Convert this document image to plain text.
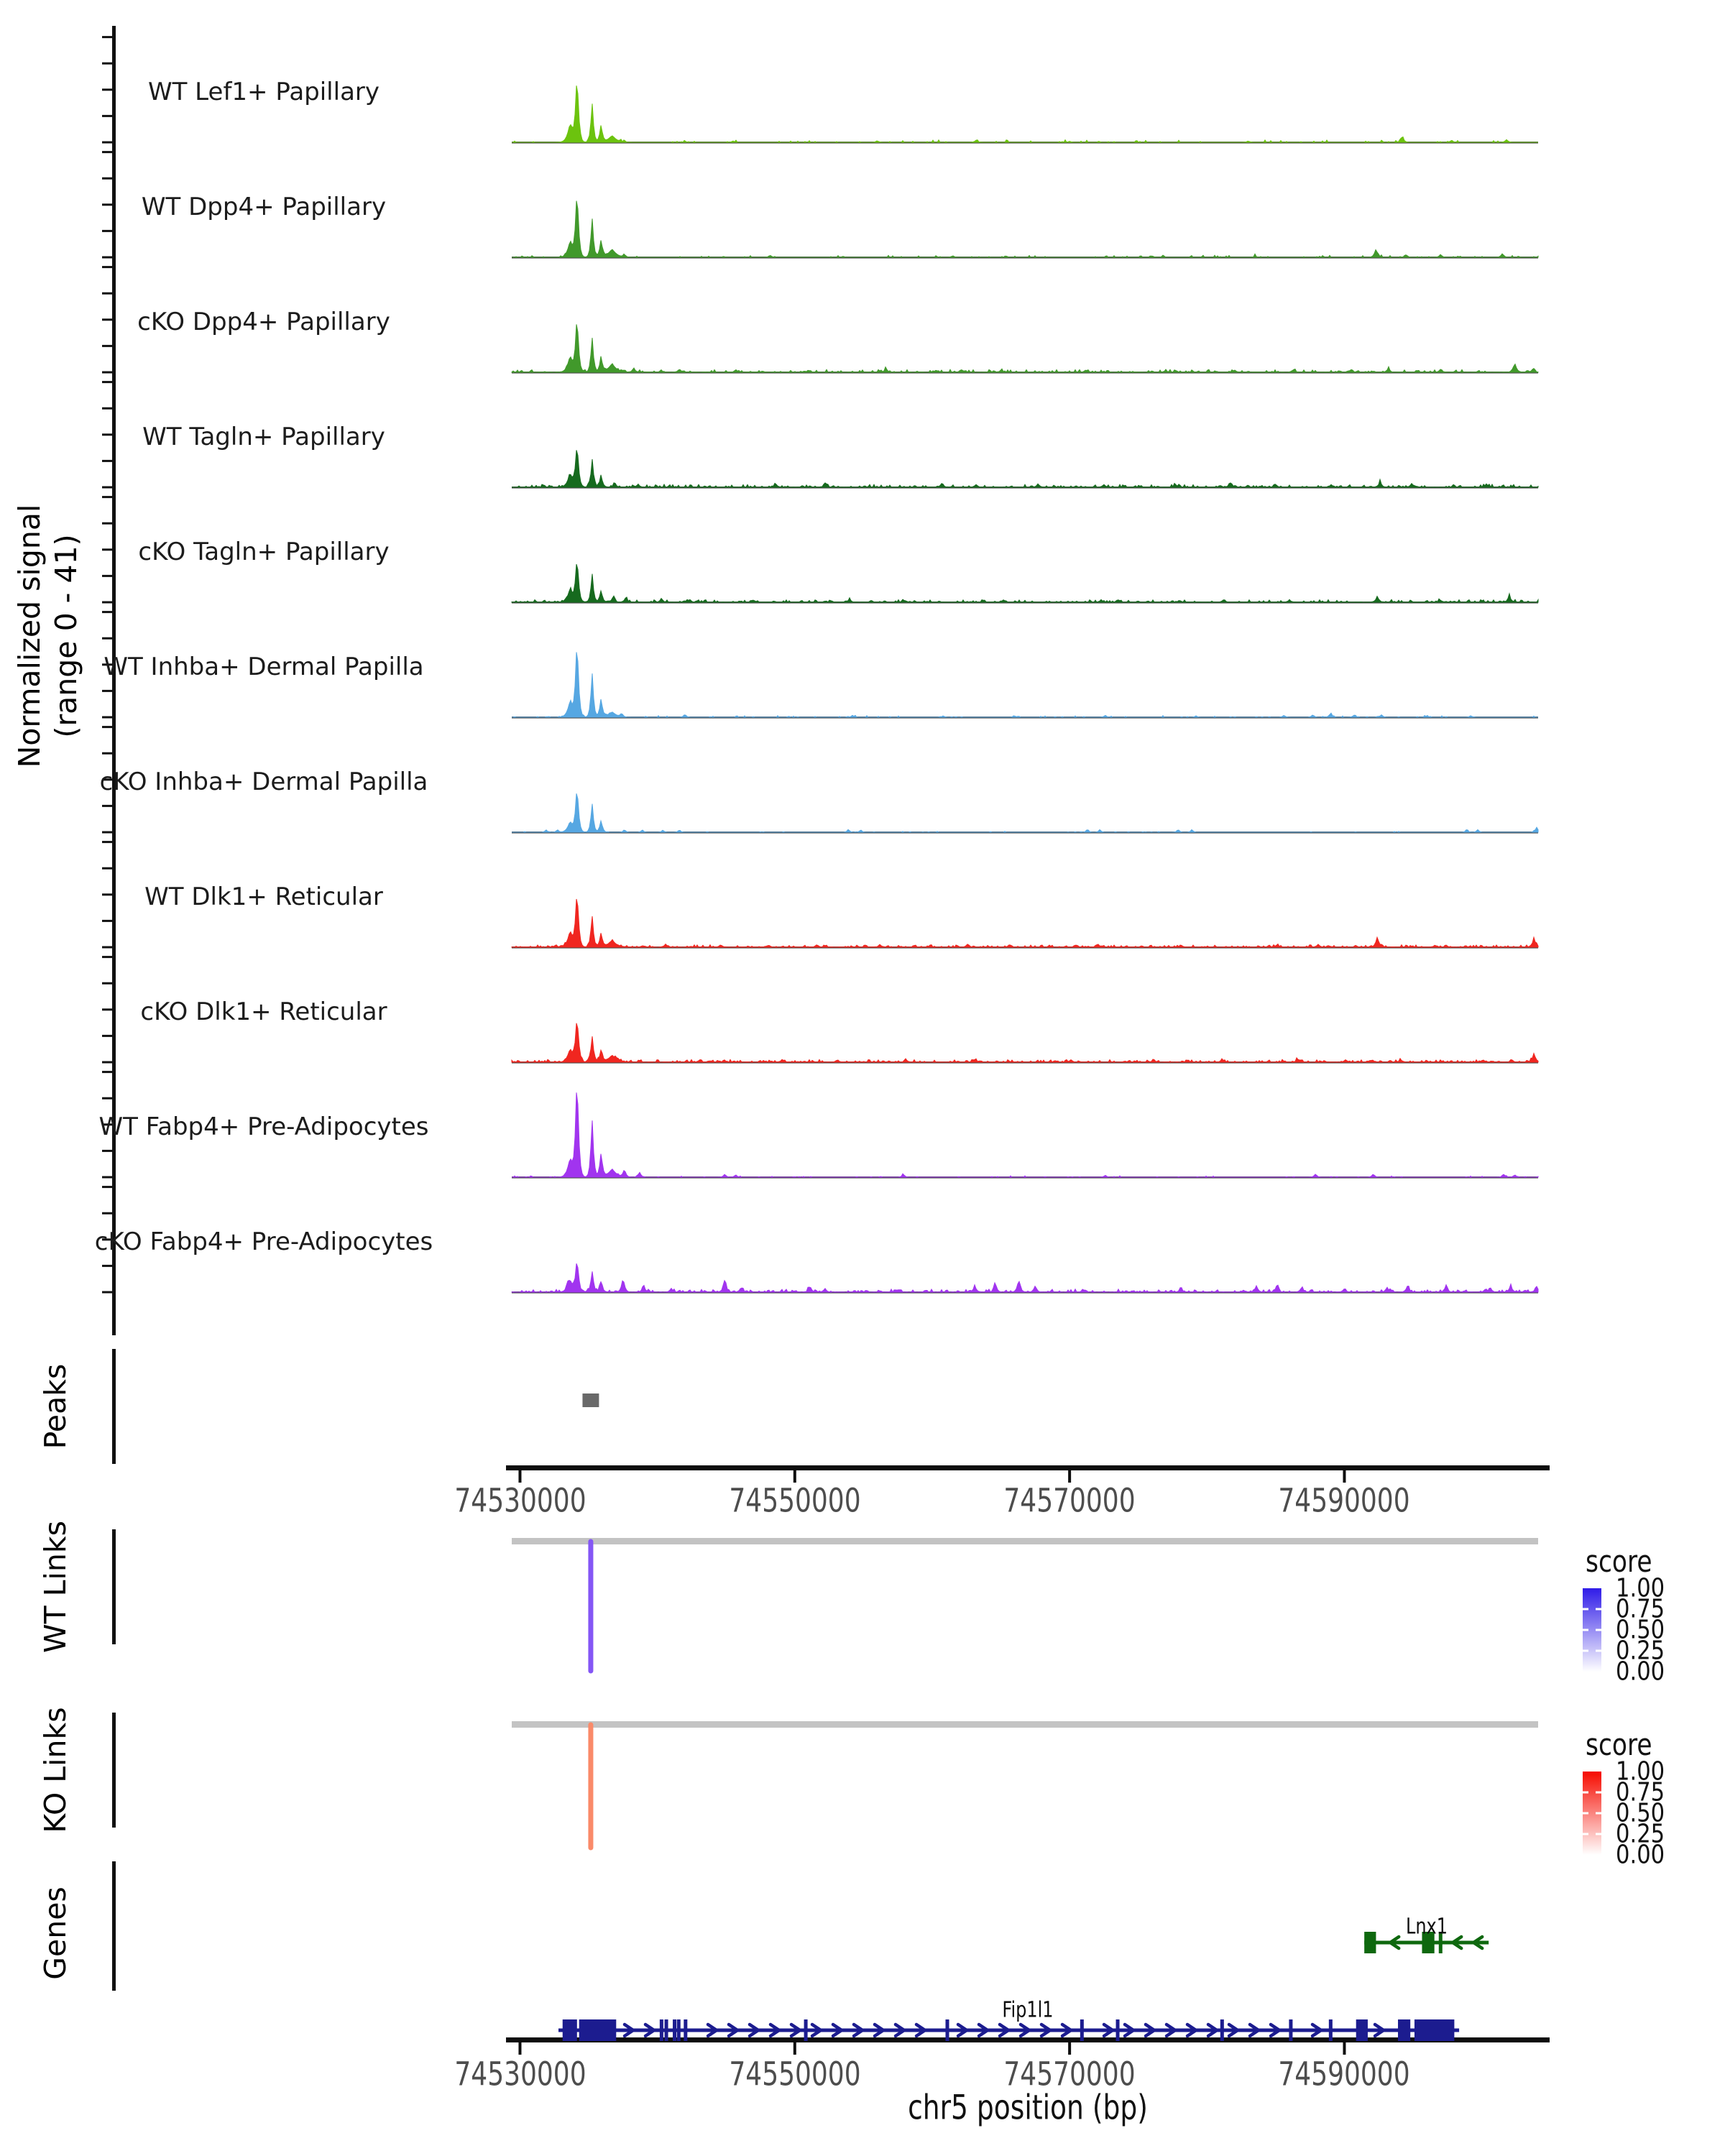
Normalized signal (range 0 - 41)
WT Lef1+ Papillary
WT Dpp4+ Papillary
cKO Dpp4+ Papillary
WT Tagln+ Papillary
cKO Tagln+ Papillary
WT Inhba+ Dermal Papilla
cKO Inhba+ Dermal Papilla
WT Dlk1+ Reticular
cKO Dlk1+ Reticular
WT Fabp4+ Pre-Adipocytes
cKO Fabp4+ Pre-Adipocytes
Peaks
WT Links
KO Links
Genes
74530000	74550000	74570000	74590000
74530000	74550000	74570000	74590000
chr5 position (bp)
score
1.00
0.75
0.50
0.25
0.00
score
1.00
0.75
0.50
0.25
0.00
Lnx1
Fip1l1
